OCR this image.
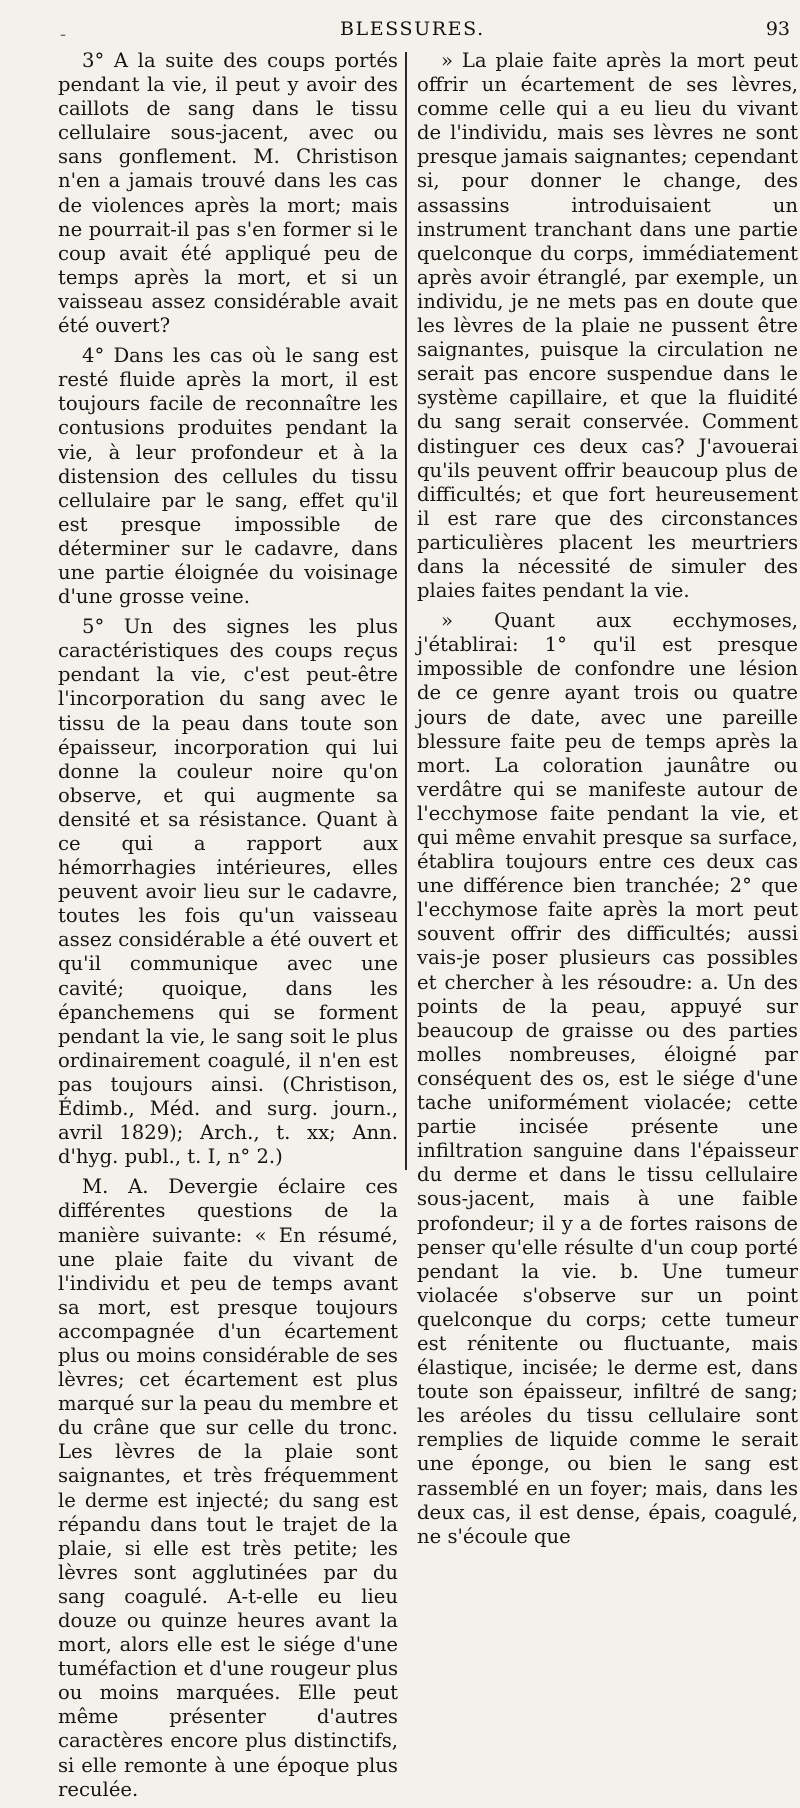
-	BLESSURES.	93

3° A la suite des coups portés pendant la vie, il peut y avoir des caillots de sang dans le tissu cellulaire sous-jacent, avec ou sans gonflement. M. Christison n'en a jamais trouvé dans les cas de violences après la mort; mais ne pourrait-il pas s'en former si le coup avait été appliqué peu de temps après la mort, et si un vaisseau assez considérable avait été ouvert?

4° Dans les cas où le sang est resté fluide après la mort, il est toujours facile de reconnaître les contusions produites pendant la vie, à leur profondeur et à la distension des cellules du tissu cellulaire par le sang, effet qu'il est presque impossible de déterminer sur le cadavre, dans une partie éloignée du voisinage d'une grosse veine.

5° Un des signes les plus caractéristiques des coups reçus pendant la vie, c'est peut-être l'incorporation du sang avec le tissu de la peau dans toute son épaisseur, incorporation qui lui donne la couleur noire qu'on observe, et qui augmente sa densité et sa résistance. Quant à ce qui a rapport aux hémorrhagies intérieures, elles peuvent avoir lieu sur le cadavre, toutes les fois qu'un vaisseau assez considérable a été ouvert et qu'il communique avec une cavité; quoique, dans les épanchemens qui se forment pendant la vie, le sang soit le plus ordinairement coagulé, il n'en est pas toujours ainsi. (Christison, Édimb., Méd. and surg. journ., avril 1829); Arch., t. xx; Ann. d'hyg. publ., t. I, n° 2.)

M. A. Devergie éclaire ces différentes questions de la manière suivante: « En résumé, une plaie faite du vivant de l'individu et peu de temps avant sa mort, est presque toujours accompagnée d'un écartement plus ou moins considérable de ses lèvres; cet écartement est plus marqué sur la peau du membre et du crâne que sur celle du tronc. Les lèvres de la plaie sont saignantes, et très fréquemment le derme est injecté; du sang est répandu dans tout le trajet de la plaie, si elle est très petite; les lèvres sont agglutinées par du sang coagulé. A-t-elle eu lieu douze ou quinze heures avant la mort, alors elle est le siége d'une tuméfaction et d'une rougeur plus ou moins marquées. Elle peut même présenter d'autres caractères encore plus distinctifs, si elle remonte à une époque plus reculée.

» La plaie faite après la mort peut offrir un écartement de ses lèvres, comme celle qui a eu lieu du vivant de l'individu, mais ses lèvres ne sont presque jamais saignantes; cependant si, pour donner le change, des assassins introduisaient un instrument tranchant dans une partie quelconque du corps, immédiatement après avoir étranglé, par exemple, un individu, je ne mets pas en doute que les lèvres de la plaie ne pussent être saignantes, puisque la circulation ne serait pas encore suspendue dans le système capillaire, et que la fluidité du sang serait conservée. Comment distinguer ces deux cas? J'avouerai qu'ils peuvent offrir beaucoup plus de difficultés; et que fort heureusement il est rare que des circonstances particulières placent les meurtriers dans la nécessité de simuler des plaies faites pendant la vie.

» Quant aux ecchymoses, j'établirai: 1° qu'il est presque impossible de confondre une lésion de ce genre ayant trois ou quatre jours de date, avec une pareille blessure faite peu de temps après la mort. La coloration jaunâtre ou verdâtre qui se manifeste autour de l'ecchymose faite pendant la vie, et qui même envahit presque sa surface, établira toujours entre ces deux cas une différence bien tranchée; 2° que l'ecchymose faite après la mort peut souvent offrir des difficultés; aussi vais-je poser plusieurs cas possibles et chercher à les résoudre: a. Un des points de la peau, appuyé sur beaucoup de graisse ou des parties molles nombreuses, éloigné par conséquent des os, est le siége d'une tache uniformément violacée; cette partie incisée présente une infiltration sanguine dans l'épaisseur du derme et dans le tissu cellulaire sous-jacent, mais à une faible profondeur; il y a de fortes raisons de penser qu'elle résulte d'un coup porté pendant la vie. b. Une tumeur violacée s'observe sur un point quelconque du corps; cette tumeur est rénitente ou fluctuante, mais élastique, incisée; le derme est, dans toute son épaisseur, infiltré de sang; les aréoles du tissu cellulaire sont remplies de liquide comme le serait une éponge, ou bien le sang est rassemblé en un foyer; mais, dans les deux cas, il est dense, épais, coagulé, ne s'écoule que
